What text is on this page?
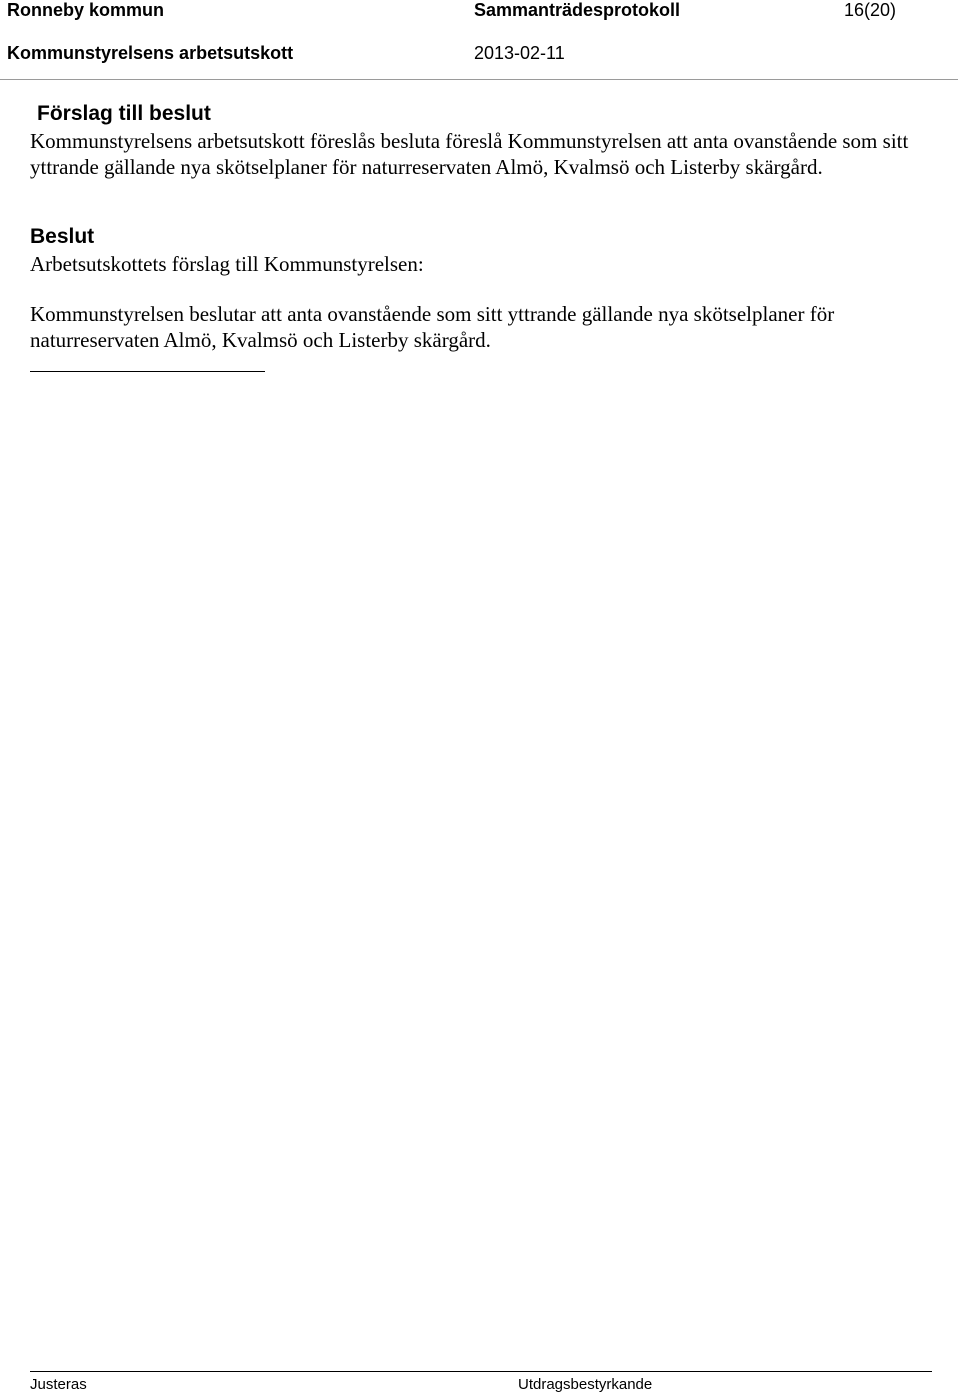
Ronneby kommun	Sammanträdesprotokoll	16(20)
Kommunstyrelsens arbetsutskott	2013-02-11
Förslag till beslut

Kommunstyrelsens arbetsutskott föreslås besluta föreslå Kommunstyrelsen att anta ovanstående som sitt yttrande gällande nya skötselplaner för naturreservaten Almö, Kvalmsö och Listerby skärgård.

Beslut

Arbetsutskottets förslag till Kommunstyrelsen:

Kommunstyrelsen beslutar att anta ovanstående som sitt yttrande gällande nya skötselplaner för naturreservaten Almö, Kvalmsö och Listerby skärgård.

Justeras	Utdragsbestyrkande
